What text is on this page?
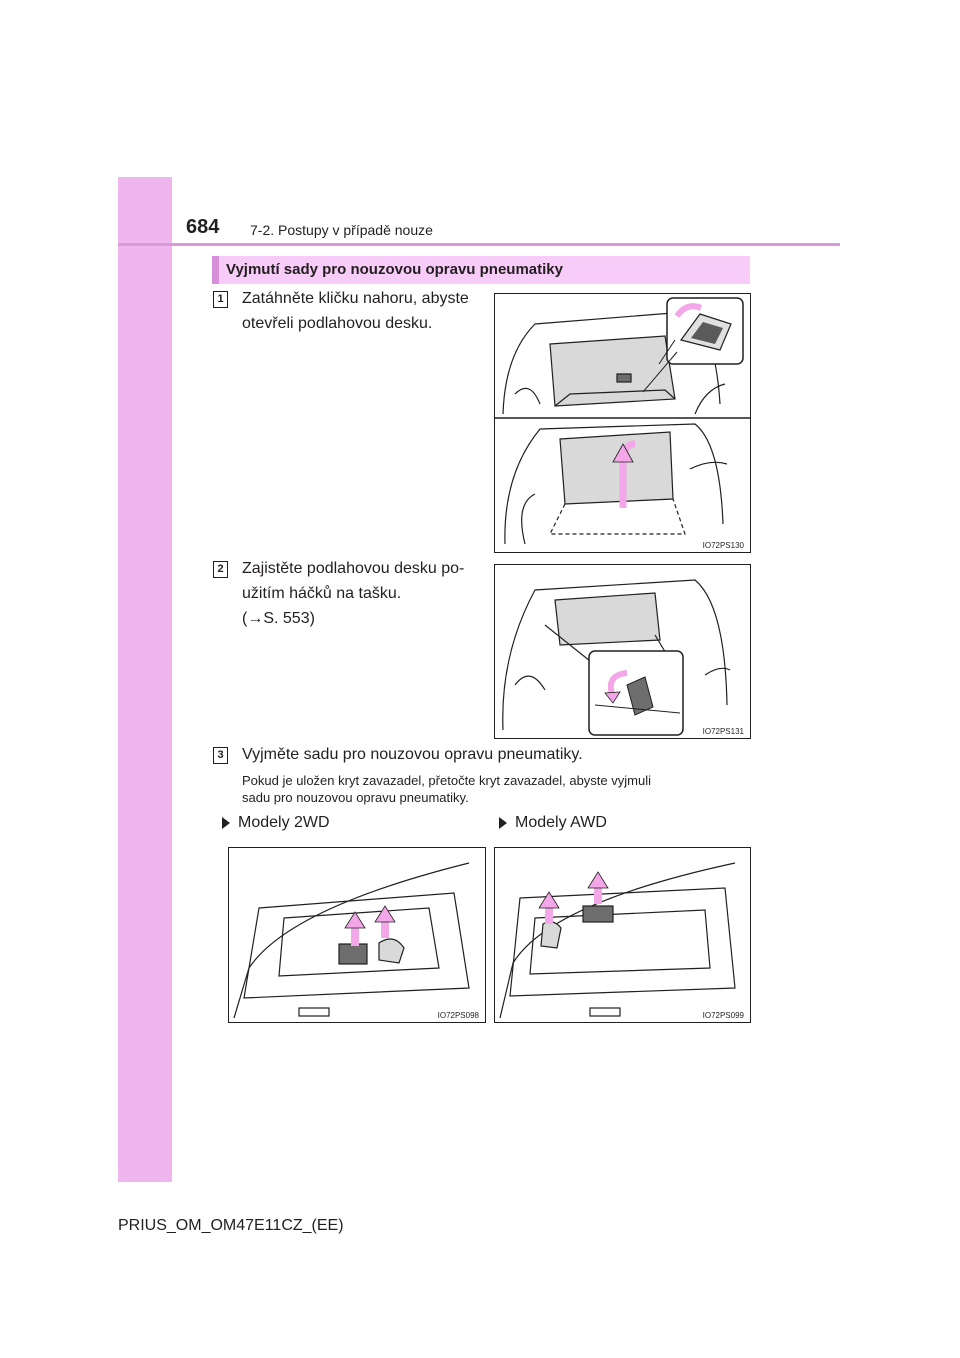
684 7-2. Postupy v případě nouze
Vyjmutí sady pro nouzovou opravu pneumatiky
1 Zatáhněte kličku nahoru, abyste
otevřeli podlahovou desku.
IO72PS130
2 Zajistěte podlahovou desku po-
užitím háčků na tašku.
(→S. 553)
IO72PS131
3 Vyjměte sadu pro nouzovou opravu pneumatiky.
Pokud je uložen kryt zavazadel, přetočte kryt zavazadel, abyste vyjmuli
sadu pro nouzovou opravu pneumatiky.
Modely 2WD	Modely AWD
IO72PS098	IO72PS099
PRIUS_OM_OM47E11CZ_(EE)
